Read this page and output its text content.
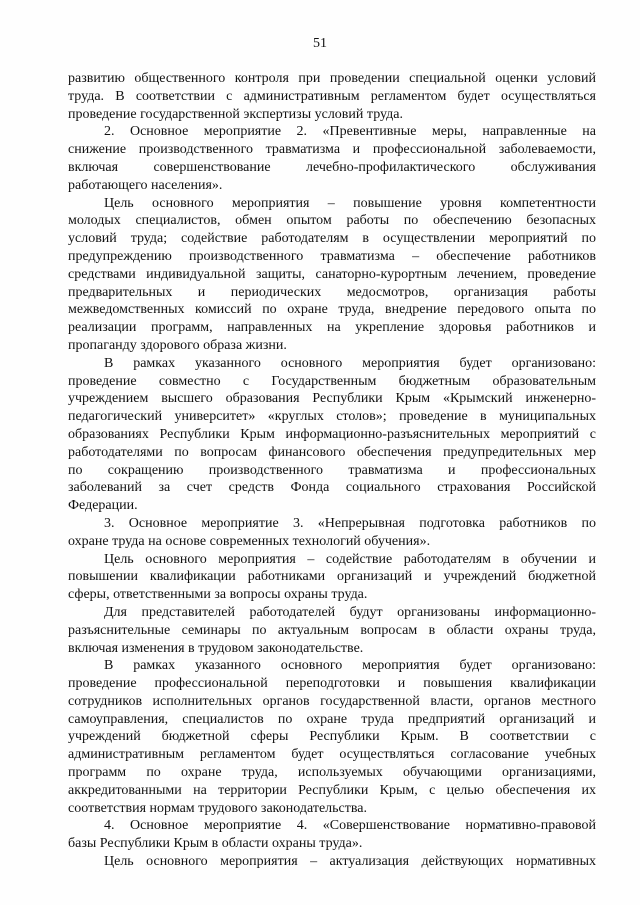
51
развитию общественного контроля при проведении специальной оценки условий
труда. В соответствии с административным регламентом будет осуществляться
проведение государственной экспертизы условий труда.
2. Основное мероприятие 2. «Превентивные меры, направленные на
снижение производственного травматизма и профессиональной заболеваемости,
включая совершенствование лечебно-профилактического обслуживания
работающего населения».
Цель основного мероприятия – повышение уровня компетентности
молодых специалистов, обмен опытом работы по обеспечению безопасных
условий труда; содействие работодателям в осуществлении мероприятий по
предупреждению производственного травматизма – обеспечение работников
средствами индивидуальной защиты, санаторно-курортным лечением, проведение
предварительных и периодических медосмотров, организация работы
межведомственных комиссий по охране труда, внедрение передового опыта по
реализации программ, направленных на укрепление здоровья работников и
пропаганду здорового образа жизни.
В рамках указанного основного мероприятия будет организовано:
проведение совместно с Государственным бюджетным образовательным
учреждением высшего образования Республики Крым «Крымский инженерно-
педагогический университет» «круглых столов»; проведение в муниципальных
образованиях Республики Крым информационно-разъяснительных мероприятий с
работодателями по вопросам финансового обеспечения предупредительных мер
по сокращению производственного травматизма и профессиональных
заболеваний за счет средств Фонда социального страхования Российской
Федерации.
3. Основное мероприятие 3. «Непрерывная подготовка работников по
охране труда на основе современных технологий обучения».
Цель основного мероприятия – содействие работодателям в обучении и
повышении квалификации работниками организаций и учреждений бюджетной
сферы, ответственными за вопросы охраны труда.
Для представителей работодателей будут организованы информационно-
разъяснительные семинары по актуальным вопросам в области охраны труда,
включая изменения в трудовом законодательстве.
В рамках указанного основного мероприятия будет организовано:
проведение профессиональной переподготовки и повышения квалификации
сотрудников исполнительных органов государственной власти, органов местного
самоуправления, специалистов по охране труда предприятий организаций и
учреждений бюджетной сферы Республики Крым. В соответствии с
административным регламентом будет осуществляться согласование учебных
программ по охране труда, используемых обучающими организациями,
аккредитованными на территории Республики Крым, с целью обеспечения их
соответствия нормам трудового законодательства.
4. Основное мероприятие 4. «Совершенствование нормативно-правовой
базы Республики Крым в области охраны труда».
Цель основного мероприятия – актуализация действующих нормативных
